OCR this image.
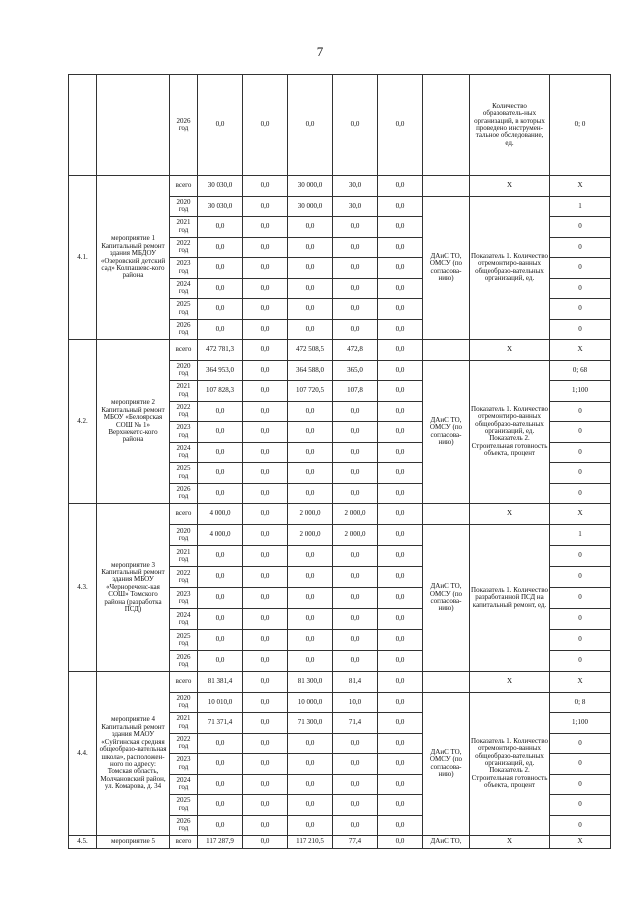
7
		2026 год	0,0	0,0	0,0	0,0	0,0		Количество образователь-ных организаций, в которых проведено инструмен-тальное обследование, ед.	0; 0
4.1.	мероприятие 1 Капитальный ремонт здания МБДОУ «Озеровский детский сад» Колпашевс-кого района	всего	30 030,0	0,0	30 000,0	30,0	0,0		Х	Х
		2020 год	30 030,0	0,0	30 000,0	30,0	0,0	ДАиС ТО, ОМСУ (по согласова-нию)	Показатель 1. Количество отремонтиро-ванных общеобразо-вательных организаций, ед.	1
		2021 год	0,0	0,0	0,0	0,0	0,0			0
		2022 год	0,0	0,0	0,0	0,0	0,0			0
		2023 год	0,0	0,0	0,0	0,0	0,0			0
		2024 год	0,0	0,0	0,0	0,0	0,0			0
		2025 год	0,0	0,0	0,0	0,0	0,0			0
		2026 год	0,0	0,0	0,0	0,0	0,0			0
4.2.	мероприятие 2 Капитальный ремонт МБОУ «Белоярская СОШ № 1» Верхнекетс-кого района	всего	472 781,3	0,0	472 508,5	472,8	0,0		Х	Х
		2020 год	364 953,0	0,0	364 588,0	365,0	0,0	ДАиС ТО, ОМСУ (по согласова-нию)	Показатель 1. Количество отремонтиро-ванных общеобразо-вательных организаций, ед. Показатель 2. Строительная готовность объекта, процент	0; 68
		2021 год	107 828,3	0,0	107 720,5	107,8	0,0			1;100
		2022 год	0,0	0,0	0,0	0,0	0,0			0
		2023 год	0,0	0,0	0,0	0,0	0,0			0
		2024 год	0,0	0,0	0,0	0,0	0,0			0
		2025 год	0,0	0,0	0,0	0,0	0,0			0
		2026 год	0,0	0,0	0,0	0,0	0,0			0
4.3.	мероприятие 3 Капитальный ремонт здания МБОУ «Чернореченс-кая СОШ» Томского района (разработка ПСД)	всего	4 000,0	0,0	2 000,0	2 000,0	0,0		Х	Х
		2020 год	4 000,0	0,0	2 000,0	2 000,0	0,0	ДАиС ТО, ОМСУ (по согласова-нию)	Показатель 1. Количество разработанной ПСД на капитальный ремонт, ед.	1
		2021 год	0,0	0,0	0,0	0,0	0,0			0
		2022 год	0,0	0,0	0,0	0,0	0,0			0
		2023 год	0,0	0,0	0,0	0,0	0,0			0
		2024 год	0,0	0,0	0,0	0,0	0,0			0
		2025 год	0,0	0,0	0,0	0,0	0,0			0
		2026 год	0,0	0,0	0,0	0,0	0,0			0
4.4.	мероприятие 4 Капитальный ремонт здания МАОУ «Суйгинская средняя общеобразо-вательная школа», расположен-ного по адресу: Томская область, Молчановский район, ул. Комарова, д. 34	всего	81 381,4	0,0	81 300,0	81,4	0,0		Х	Х
		2020 год	10 010,0	0,0	10 000,0	10,0	0,0	ДАиС ТО, ОМСУ (по согласова-нию)	Показатель 1. Количество отремонтиро-ванных общеобразо-вательных организаций, ед. Показатель 2. Строительная готовность объекта, процент	0; 8
		2021 год	71 371,4	0,0	71 300,0	71,4	0,0			1;100
		2022 год	0,0	0,0	0,0	0,0	0,0			0
		2023 год	0,0	0,0	0,0	0,0	0,0			0
		2024 год	0,0	0,0	0,0	0,0	0,0			0
		2025 год	0,0	0,0	0,0	0,0	0,0			0
		2026 год	0,0	0,0	0,0	0,0	0,0			0
4.5.	мероприятие 5	всего	117 287,9	0,0	117 210,5	77,4	0,0	ДАиС ТО,	Х	Х
